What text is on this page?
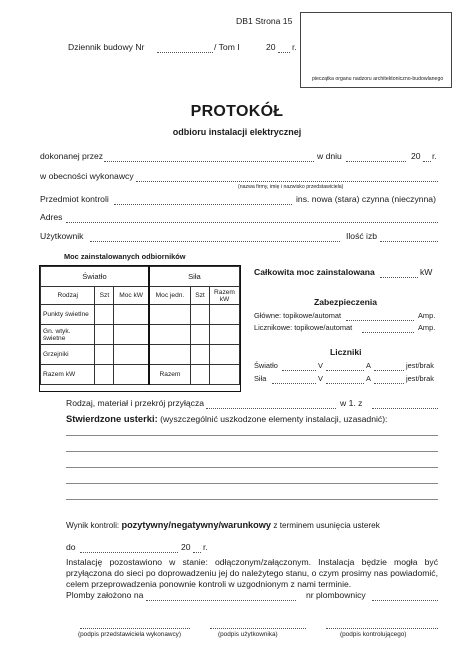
DB1 Strona 15
pieczątka organu nadzoru architektoniczno-budowlanego
Dziennik budowy Nr	/ Tom I	20 r.
PROTOKÓŁ
odbioru instalacji elektrycznej
dokonanej przez	w dniu	20 r.
w obecności wykonawcy
(nazwa firmy, imię i nazwisko przedstawiciela)
Przedmiot kontroli	ins. nowa (stara) czynna (nieczynna)
Adres
Użytkownik	Ilość izb
Moc zainstalowanych odbiorników
Światło			Siła		
Rodzaj	Szt	Moc kW	Moc jedn.	Szt	Razem kW
Punkty świetlne					
Gn. wtyk. świetne					
Grzejniki					
Razem kW			Razem		
Całkowita moc zainstalowana	kW
Zabezpieczenia
Główne: topikowe/automat	Amp.
Licznikowe: topikowe/automat	Amp.
Liczniki
Światło	V	A	jest/brak
Siła	V	A	jest/brak
Rodzaj, materiał i przekrój przyłącza	w 1. z
Stwierdzone usterki: (wyszczególnić uszkodzone elementy instalacji, uzasadnić):
Wynik kontroli: pozytywny/negatywny/warunkowy z terminem usunięcia usterek
do	20 r.
Instalację pozostawiono w stanie: odłączonym/załączonym. Instalacja będzie mogła być przyłączona do sieci po doprowadzeniu jej do należytego stanu, o czym prosimy nas powiadomić, celem przeprowadzenia ponownie kontroli w uzgodnionym z nami terminie.
Plomby założono na	nr plombownicy
(podpis przedstawiciela wykonawcy)	(podpis użytkownika)	(podpis kontrolującego)
